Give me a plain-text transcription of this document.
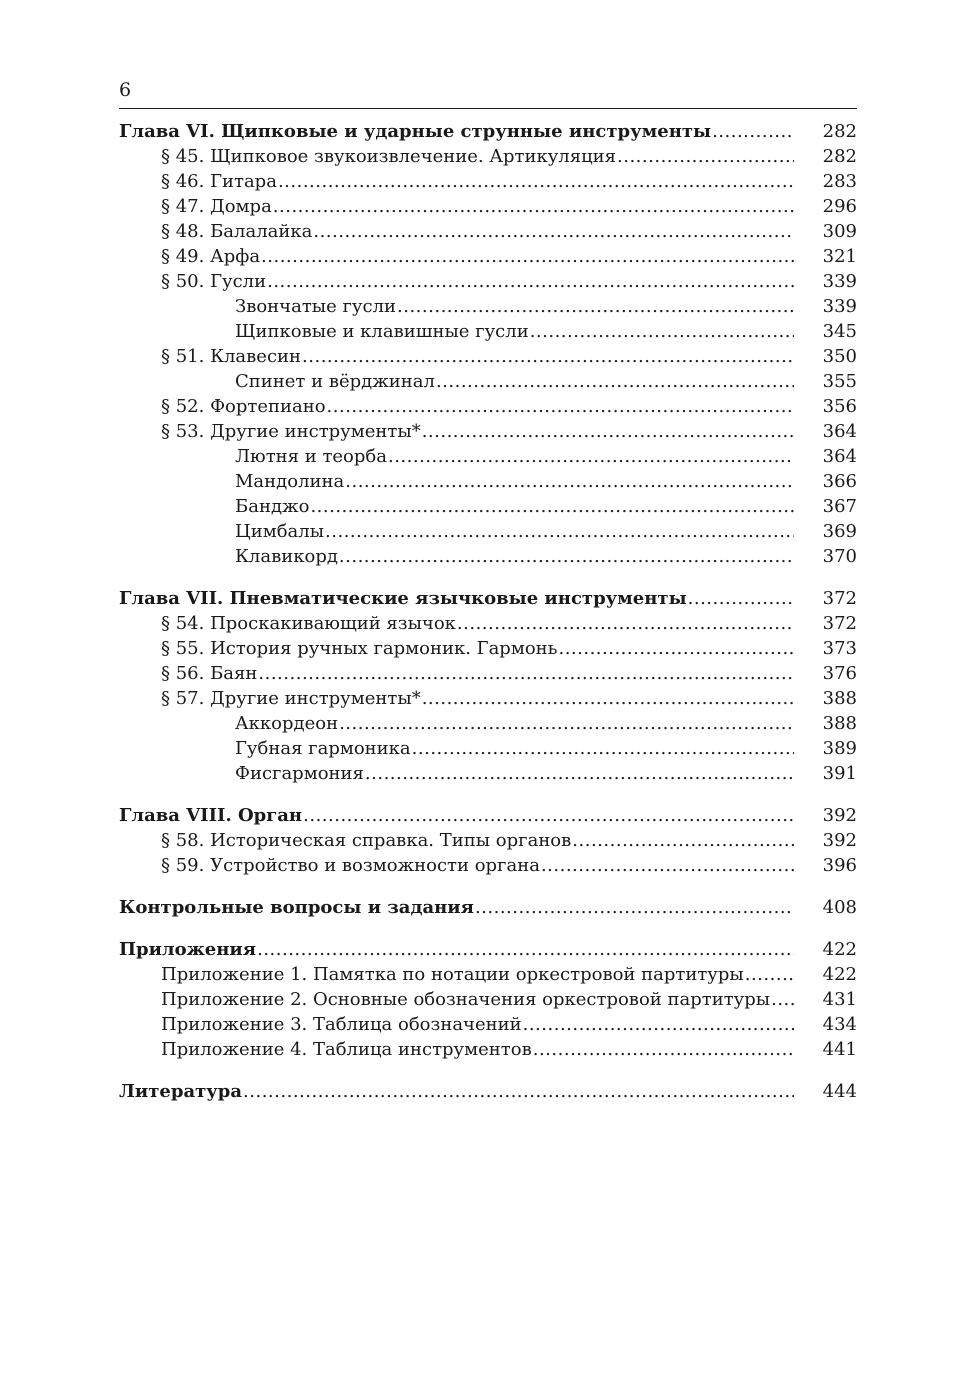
6
Глава VI. Щипковые и ударные струнные инструменты .....	282
§ 45. Щипковое звукоизвлечение. Артикуляция .....	282
§ 46. Гитара .....	283
§ 47. Домра .....	296
§ 48. Балалайка .....	309
§ 49. Арфа .....	321
§ 50. Гусли .....	339
Звончатые гусли .....	339
Щипковые и клавишные гусли .....	345
§ 51. Клавесин .....	350
Спинет и вёрджинал .....	355
§ 52. Фортепиано .....	356
§ 53. Другие инструменты* .....	364
Лютня и теорба .....	364
Мандолина .....	366
Банджо .....	367
Цимбалы .....	369
Клавикорд .....	370
Глава VII. Пневматические язычковые инструменты .....	372
§ 54. Проскакивающий язычок .....	372
§ 55. История ручных гармоник. Гармонь .....	373
§ 56. Баян .....	376
§ 57. Другие инструменты* .....	388
Аккордеон .....	388
Губная гармоника .....	389
Фисгармония .....	391
Глава VIII. Орган .....	392
§ 58. Историческая справка. Типы органов .....	392
§ 59. Устройство и возможности органа .....	396
Контрольные вопросы и задания .....	408
Приложения .....	422
Приложение 1. Памятка по нотации оркестровой партитуры .....	422
Приложение 2. Основные обозначения оркестровой партитуры .....	431
Приложение 3. Таблица обозначений .....	434
Приложение 4. Таблица инструментов .....	441
Литература .....	444
